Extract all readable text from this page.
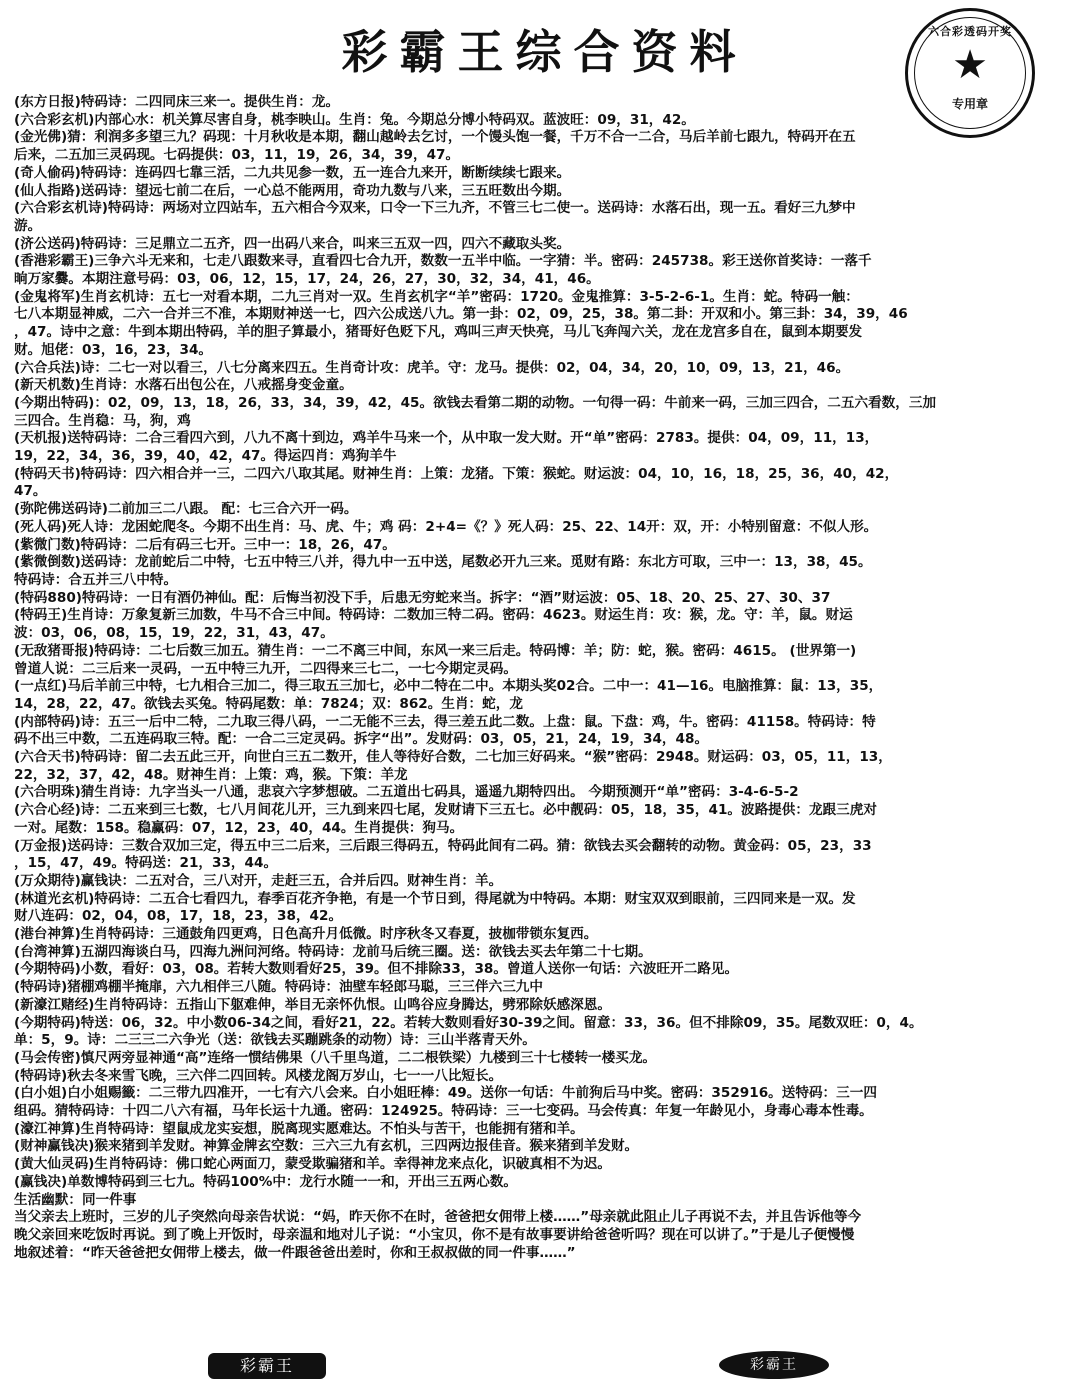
彩霸王综合资料	六合彩透码开奖
★
专用章

(东方日报)特码诗：二四同床三来一。提供生肖：龙。

(六合彩玄机)内部心水：机关算尽害自身，桃李映山。生肖：兔。今期总分博小特码双。蓝波旺：09，31，42。

(金光佛)猜：利润多多望三九？码现：十月秋收是本期，翻山越岭去乞讨，一个馒头饱一餐，千万不合一二合，马后羊前七跟九，特码开在五

后来，二五加三灵码现。七码提供：03，11，19，26，34，39，47。

(奇人偷码)特码诗：连码四七靠三活，二九共见参一数，五一连合九来开，断断续续七跟来。

(仙人指路)送码诗：望远七前二在后，一心总不能两用，奇功九数与八来，三五旺数出今期。

(六合彩玄机诗)特码诗：两场对立四站车，五六相合今双来，口令一下三九齐，不管三七二使一。送码诗：水落石出，现一五。看好三九梦中

游。

(济公送码)特码诗：三足鼎立二五齐，四一出码八来合，叫来三五双一四，四六不藏取头奖。

(香港彩霸王)三争六斗无来和，七走八跟数来寻，直看四七合九开，数数一五半中临。一字猜：半。密码：245738。彩王送你首奖诗：一落千

晌万家爨。本期注意号码：03，06，12，15，17，24，26，27，30，32，34，41，46。

(金鬼将军)生肖玄机诗：五七一对看本期，二九三肖对一双。生肖玄机字“羊”密码：1720。金鬼推算：3-5-2-6-1。生肖：蛇。特码一触：

七八本期显神威，二六一合并三不准，本期财神送一七，四六公成送八九。第一卦：02，09，25，38。第二卦：开双和小。第三卦：34，39，46

，47。诗中之意：牛到本期出特码，羊的胆子算最小，猪哥好色贬下凡，鸡叫三声天快亮，马儿飞奔闯六关，龙在龙宫多自在，鼠到本期要发

财。旭佬：03，16，23，34。

(六合兵法)诗：二七一对以看三，八七分离来四五。生肖奇计攻：虎羊。守：龙马。提供：02，04，34，20，10，09，13，21，46。

(新天机数)生肖诗：水落石出包公在，八戒摇身变金童。

(今期出特码)：02，09，13，18，26，33，34，39，42，45。欲钱去看第二期的动物。一句得一码：牛前来一码，三加三四合，二五六看数，三加

三四合。生肖稳：马，狗，鸡

(天机报)送特码诗：二合三看四六到，八九不离十到边，鸡羊牛马来一个，从中取一发大财。开“单”密码：2783。提供：04，09，11，13，

19，22，34，36，39，40，42，47。得运四肖：鸡狗羊牛

(特码天书)特码诗：四六相合并一三，二四六八取其尾。财神生肖：上策：龙猪。下策：猴蛇。财运波：04，10，16，18，25，36，40，42，

47。

(弥陀佛送码诗)二前加三二八跟。 配：七三合六开一码。

(死人码)死人诗：龙困蛇爬冬。今期不出生肖：马、虎、牛；鸡 码：2+4=《？》死人码：25、22、14开：双，开：小特别留意：不似人形。

(紫微门数)特码诗：二后有码三七开。三中一：18，26，47。

(紫微倒数)送码诗：龙前蛇后二中特，七五中特三八并，得九中一五中送，尾数必开九三来。觅财有路：东北方可取，三中一：13，38，45。

特码诗：合五并三八中特。

(特码880)特码诗：一日有酒仍神仙。配：后悔当初没下手，后患无穷蛇来当。拆字：“酒”财运波：05、18、20、25、27、30、37

(特码王)生肖诗：万象复新三加数，牛马不合三中间。特码诗：二数加三特二码。密码：4623。财运生肖：攻：猴，龙。守：羊，鼠。财运

波：03，06，08，15，19，22，31，43，47。

(无敌猪哥报)特码诗：二七后数三加五。猜生肖：一二不离三中间，东风一来三后走。特码博：羊；防：蛇，猴。密码：4615。 (世界第一)

曾道人说：二三后来一灵码，一五中特三九开，二四得来三七二，一七今期定灵码。

(一点红)马后羊前三中特，七九相合三加二，得三取五三加七，必中二特在二中。本期头奖02合。二中一：41—16。电脑推算：鼠：13，35，

14，28，22，47。欲钱去买兔。特码尾数：单：7824；双：862。生肖：蛇，龙

(内部特码)诗：五三一后中二特，二九取三得八码，一二无能不三去，得三差五此二数。上盘：鼠。下盘：鸡，牛。密码：41158。特码诗：特

码不出三中数，二五连码取三特。配：一合二三定灵码。拆字“出”。发财码：03，05，21，24，19，34，48。

(六合天书)特码诗：留二去五此三开，向世白三五二数开，佳人等待好合数，二七加三好码来。“猴”密码：2948。财运码：03，05，11，13，

22，32，37，42，48。财神生肖：上策：鸡，猴。下策：羊龙

(六合明珠)猜生肖诗：九字当头一八通，悲哀六字梦想破。二五道出七码具，遥遥九期特四出。 今期预测开“单”密码：3-4-6-5-2

(六合心经)诗：二五来到三七数，七八月间花儿开，三九到来四七尾，发财请下三五七。必中靓码：05，18，35，41。波路提供：龙跟三虎对

一对。尾数：158。稳赢码：07，12，23，40，44。生肖提供：狗马。

(万金报)送码诗：三数合双加三定，得五中三二后来，三后跟三得码五，特码此间有二码。猜：欲钱去买会翻转的动物。黄金码：05，23，33

，15，47，49。特码送：21，33，44。

(万众期待)赢钱诀：二五对合，三八对开，走赶三五，合并后四。财神生肖：羊。

(林道光玄机)特码诗：二五合七看四九，春季百花齐争艳，有是一个节日到，得尾就为中特码。本期：财宝双双到眼前，三四同来是一双。发

财八连码：02，04，08，17，18，23，38，42。

(港台神算)生肖特码诗：三通鼓角四更鸡，日色高升月低微。时序秋冬又春夏，披枷带锁东复西。

(台湾神算)五湖四海谈白马，四海九洲问河络。特码诗：龙前马后统三圈。送：欲钱去买去年第二十七期。

(今期特码)小数，看好：03，08。若转大数则看好25，39。但不排除33，38。曾道人送你一句话：六波旺开二路见。

(特码诗)猪棚鸡棚半掩扉，六九相伴三八随。特码诗：油壁车轻郎马聪，三三伴六三九中

(新濠江赌经)生肖特码诗：五指山下躯难伸，举目无亲怀仇恨。山鸣谷应身腾达，劈邪除妖感深恩。

(今期特码)特送：06，32。中小数06-34之间，看好21，22。若转大数则看好30-39之间。留意：33，36。但不排除09，35。尾数双旺：0，4。

单：5，9。诗：二三三二六争光（送：欲钱去买蹦跳条的动物）诗：三山半落青天外。

(马会传密)慎尺两旁显神通“高”连络一惯结佛果（八千里鸟道，二二根铁梁）九楼到三十七楼转一楼买龙。

(特码诗)秋去冬来雪飞晚，三六伴二四回转。风楼龙阁万岁山，七一一八比短长。

(白小姐)白小姐赐籤：二三带九四准开，一七有六八会来。白小姐旺棒：49。送你一句话：牛前狗后马中奖。密码：352916。送特码：三一四

组码。猜特码诗：十四二八六有福，马年长运十九通。密码：124925。特码诗：三一七变码。马会传真：年复一年龄见小，身毒心毒本性毒。

(濠江神算)生肖特码诗：望鼠成龙实妄想，脱离现实愿难达。不怕头与苦干，也能拥有猪和羊。

(财神赢钱决)猴来猪到羊发财。神算金牌玄空数：三六三九有玄机，三四两边报佳音。猴来猪到羊发财。

(黄大仙灵码)生肖特码诗：佛口蛇心两面刀，蒙受欺骗猪和羊。幸得神龙来点化，识破真相不为迟。

(赢钱决)单数博特码到三七九。特码100%中：龙行水随一一和，开出三五两心数。

生活幽默：同一件事

当父亲去上班时，三岁的儿子突然向母亲告状说：“妈，昨天你不在时，爸爸把女佣带上楼……”母亲就此阻止儿子再说不去，并且告诉他等今

晚父亲回来吃饭时再说。到了晚上开饭时，母亲温和地对儿子说：“小宝贝，你不是有故事要讲给爸爸听吗？现在可以讲了。”于是儿子便慢慢

地叙述着：“昨天爸爸把女佣带上楼去，做一件跟爸爸出差时，你和王叔叔做的同一件事……”

彩霸王	彩霸王
